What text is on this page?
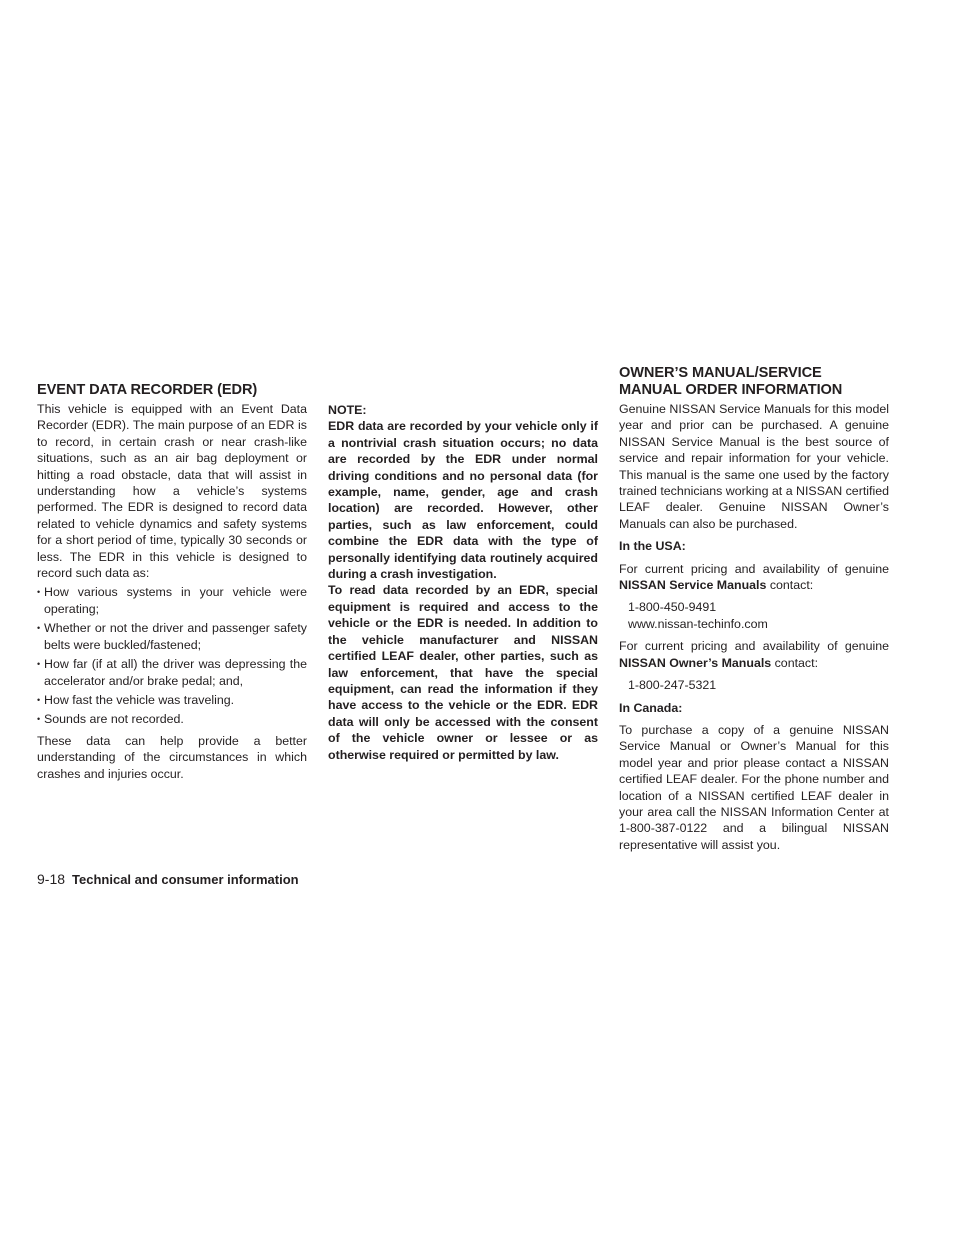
EVENT DATA RECORDER (EDR)

This vehicle is equipped with an Event Data Recorder (EDR). The main purpose of an EDR is to record, in certain crash or near crash-like situations, such as an air bag deployment or hitting a road obstacle, data that will assist in understanding how a vehicle’s systems performed. The EDR is designed to record data related to vehicle dynamics and safety systems for a short period of time, typically 30 seconds or less. The EDR in this vehicle is designed to record such data as:

• How various systems in your vehicle were operating;
• Whether or not the driver and passenger safety belts were buckled/fastened;
• How far (if at all) the driver was depressing the accelerator and/or brake pedal; and,
• How fast the vehicle was traveling.
• Sounds are not recorded.

These data can help provide a better understanding of the circumstances in which crashes and injuries occur.

NOTE:

EDR data are recorded by your vehicle only if a nontrivial crash situation occurs; no data are recorded by the EDR under normal driving conditions and no personal data (for example, name, gender, age and crash location) are recorded. However, other parties, such as law enforcement, could combine the EDR data with the type of personally identifying data routinely acquired during a crash investigation.

To read data recorded by an EDR, special equipment is required and access to the vehicle or the EDR is needed. In addition to the vehicle manufacturer and NISSAN certified LEAF dealer, other parties, such as law enforcement, that have the special equipment, can read the information if they have access to the vehicle or the EDR. EDR data will only be accessed with the consent of the vehicle owner or lessee or as otherwise required or permitted by law.

OWNER’S MANUAL/SERVICE
MANUAL ORDER INFORMATION

Genuine NISSAN Service Manuals for this model year and prior can be purchased. A genuine NISSAN Service Manual is the best source of service and repair information for your vehicle. This manual is the same one used by the factory trained technicians working at a NISSAN certified LEAF dealer. Genuine NISSAN Owner’s Manuals can also be purchased.

In the USA:

For current pricing and availability of genuine NISSAN Service Manuals contact:

1-800-450-9491
www.nissan-techinfo.com

For current pricing and availability of genuine NISSAN Owner’s Manuals contact:

1-800-247-5321
In Canada:

To purchase a copy of a genuine NISSAN Service Manual or Owner’s Manual for this model year and prior please contact a NISSAN certified LEAF dealer. For the phone number and location of a NISSAN certified LEAF dealer in your area call the NISSAN Information Center at 1-800-387-0122 and a bilingual NISSAN representative will assist you.

9-18 Technical and consumer information
